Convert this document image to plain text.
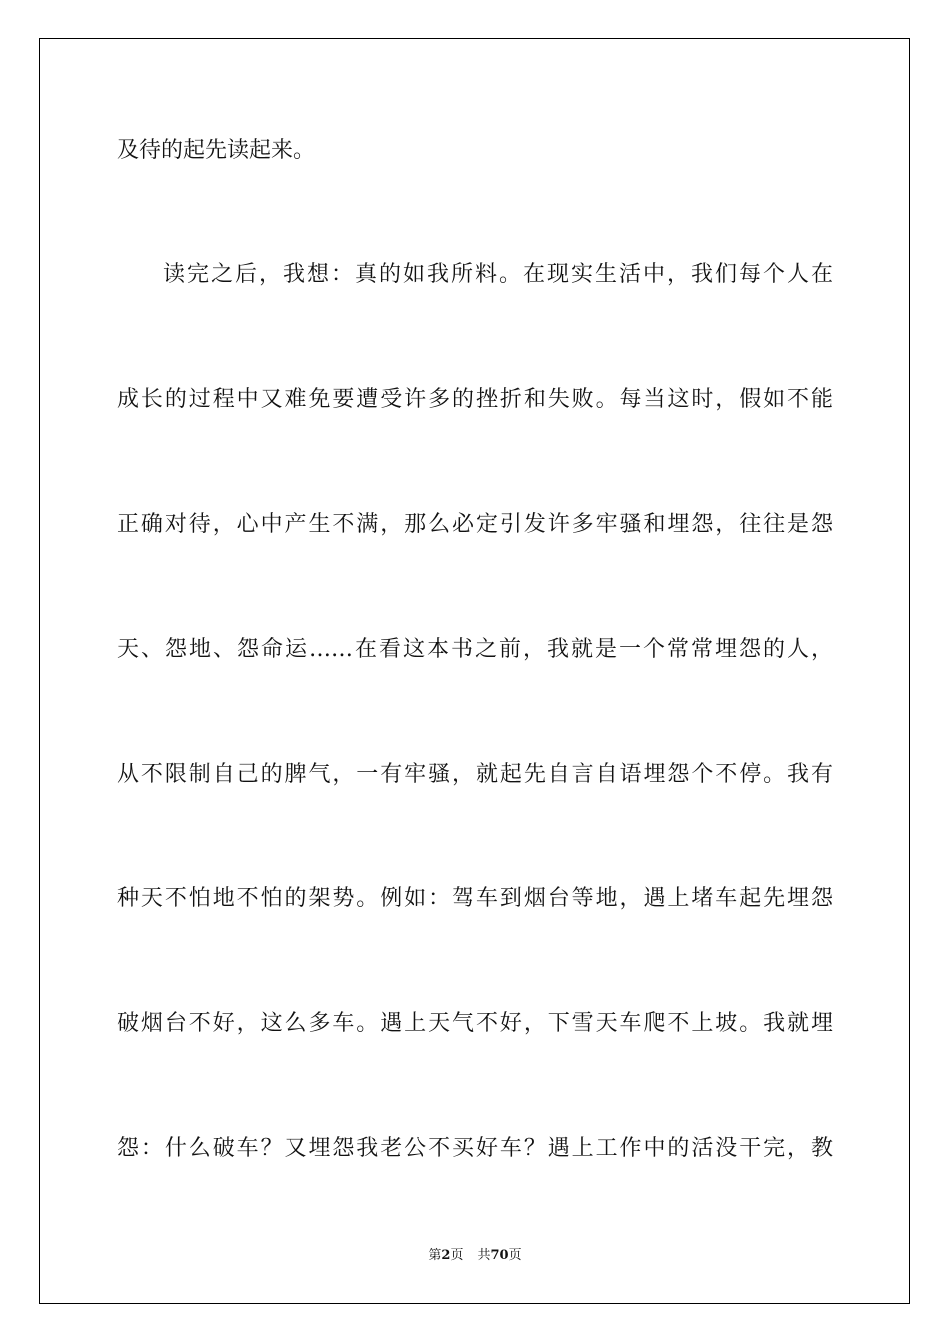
及待的起先读起来。
读完之后，我想：真的如我所料。在现实生活中，我们每个人在
成长的过程中又难免要遭受许多的挫折和失败。每当这时，假如不能
正确对待，心中产生不满，那么必定引发许多牢骚和埋怨，往往是怨
天、怨地、怨命运……在看这本书之前，我就是一个常常埋怨的人，
从不限制自己的脾气，一有牢骚，就起先自言自语埋怨个不停。我有
种天不怕地不怕的架势。例如：驾车到烟台等地，遇上堵车起先埋怨
破烟台不好，这么多车。遇上天气不好，下雪天车爬不上坡。我就埋
怨：什么破车？又埋怨我老公不买好车？遇上工作中的活没干完，教
第2页 共70页
